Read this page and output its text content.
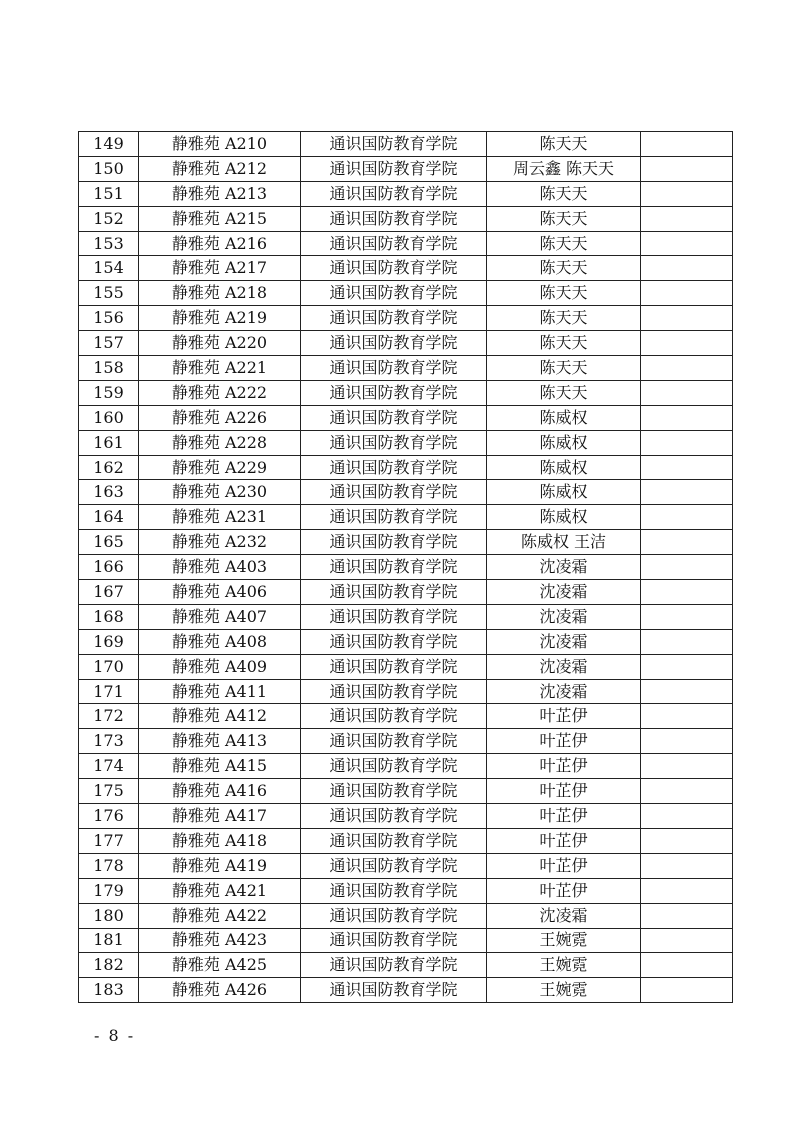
149	静雅苑 A210	通识国防教育学院	陈天天	
150	静雅苑 A212	通识国防教育学院	周云鑫 陈天天	
151	静雅苑 A213	通识国防教育学院	陈天天	
152	静雅苑 A215	通识国防教育学院	陈天天	
153	静雅苑 A216	通识国防教育学院	陈天天	
154	静雅苑 A217	通识国防教育学院	陈天天	
155	静雅苑 A218	通识国防教育学院	陈天天	
156	静雅苑 A219	通识国防教育学院	陈天天	
157	静雅苑 A220	通识国防教育学院	陈天天	
158	静雅苑 A221	通识国防教育学院	陈天天	
159	静雅苑 A222	通识国防教育学院	陈天天	
160	静雅苑 A226	通识国防教育学院	陈威权	
161	静雅苑 A228	通识国防教育学院	陈威权	
162	静雅苑 A229	通识国防教育学院	陈威权	
163	静雅苑 A230	通识国防教育学院	陈威权	
164	静雅苑 A231	通识国防教育学院	陈威权	
165	静雅苑 A232	通识国防教育学院	陈威权 王洁	
166	静雅苑 A403	通识国防教育学院	沈凌霜	
167	静雅苑 A406	通识国防教育学院	沈凌霜	
168	静雅苑 A407	通识国防教育学院	沈凌霜	
169	静雅苑 A408	通识国防教育学院	沈凌霜	
170	静雅苑 A409	通识国防教育学院	沈凌霜	
171	静雅苑 A411	通识国防教育学院	沈凌霜	
172	静雅苑 A412	通识国防教育学院	叶芷伊	
173	静雅苑 A413	通识国防教育学院	叶芷伊	
174	静雅苑 A415	通识国防教育学院	叶芷伊	
175	静雅苑 A416	通识国防教育学院	叶芷伊	
176	静雅苑 A417	通识国防教育学院	叶芷伊	
177	静雅苑 A418	通识国防教育学院	叶芷伊	
178	静雅苑 A419	通识国防教育学院	叶芷伊	
179	静雅苑 A421	通识国防教育学院	叶芷伊	
180	静雅苑 A422	通识国防教育学院	沈凌霜	
181	静雅苑 A423	通识国防教育学院	王婉霓	
182	静雅苑 A425	通识国防教育学院	王婉霓	
183	静雅苑 A426	通识国防教育学院	王婉霓	
- 8 -
